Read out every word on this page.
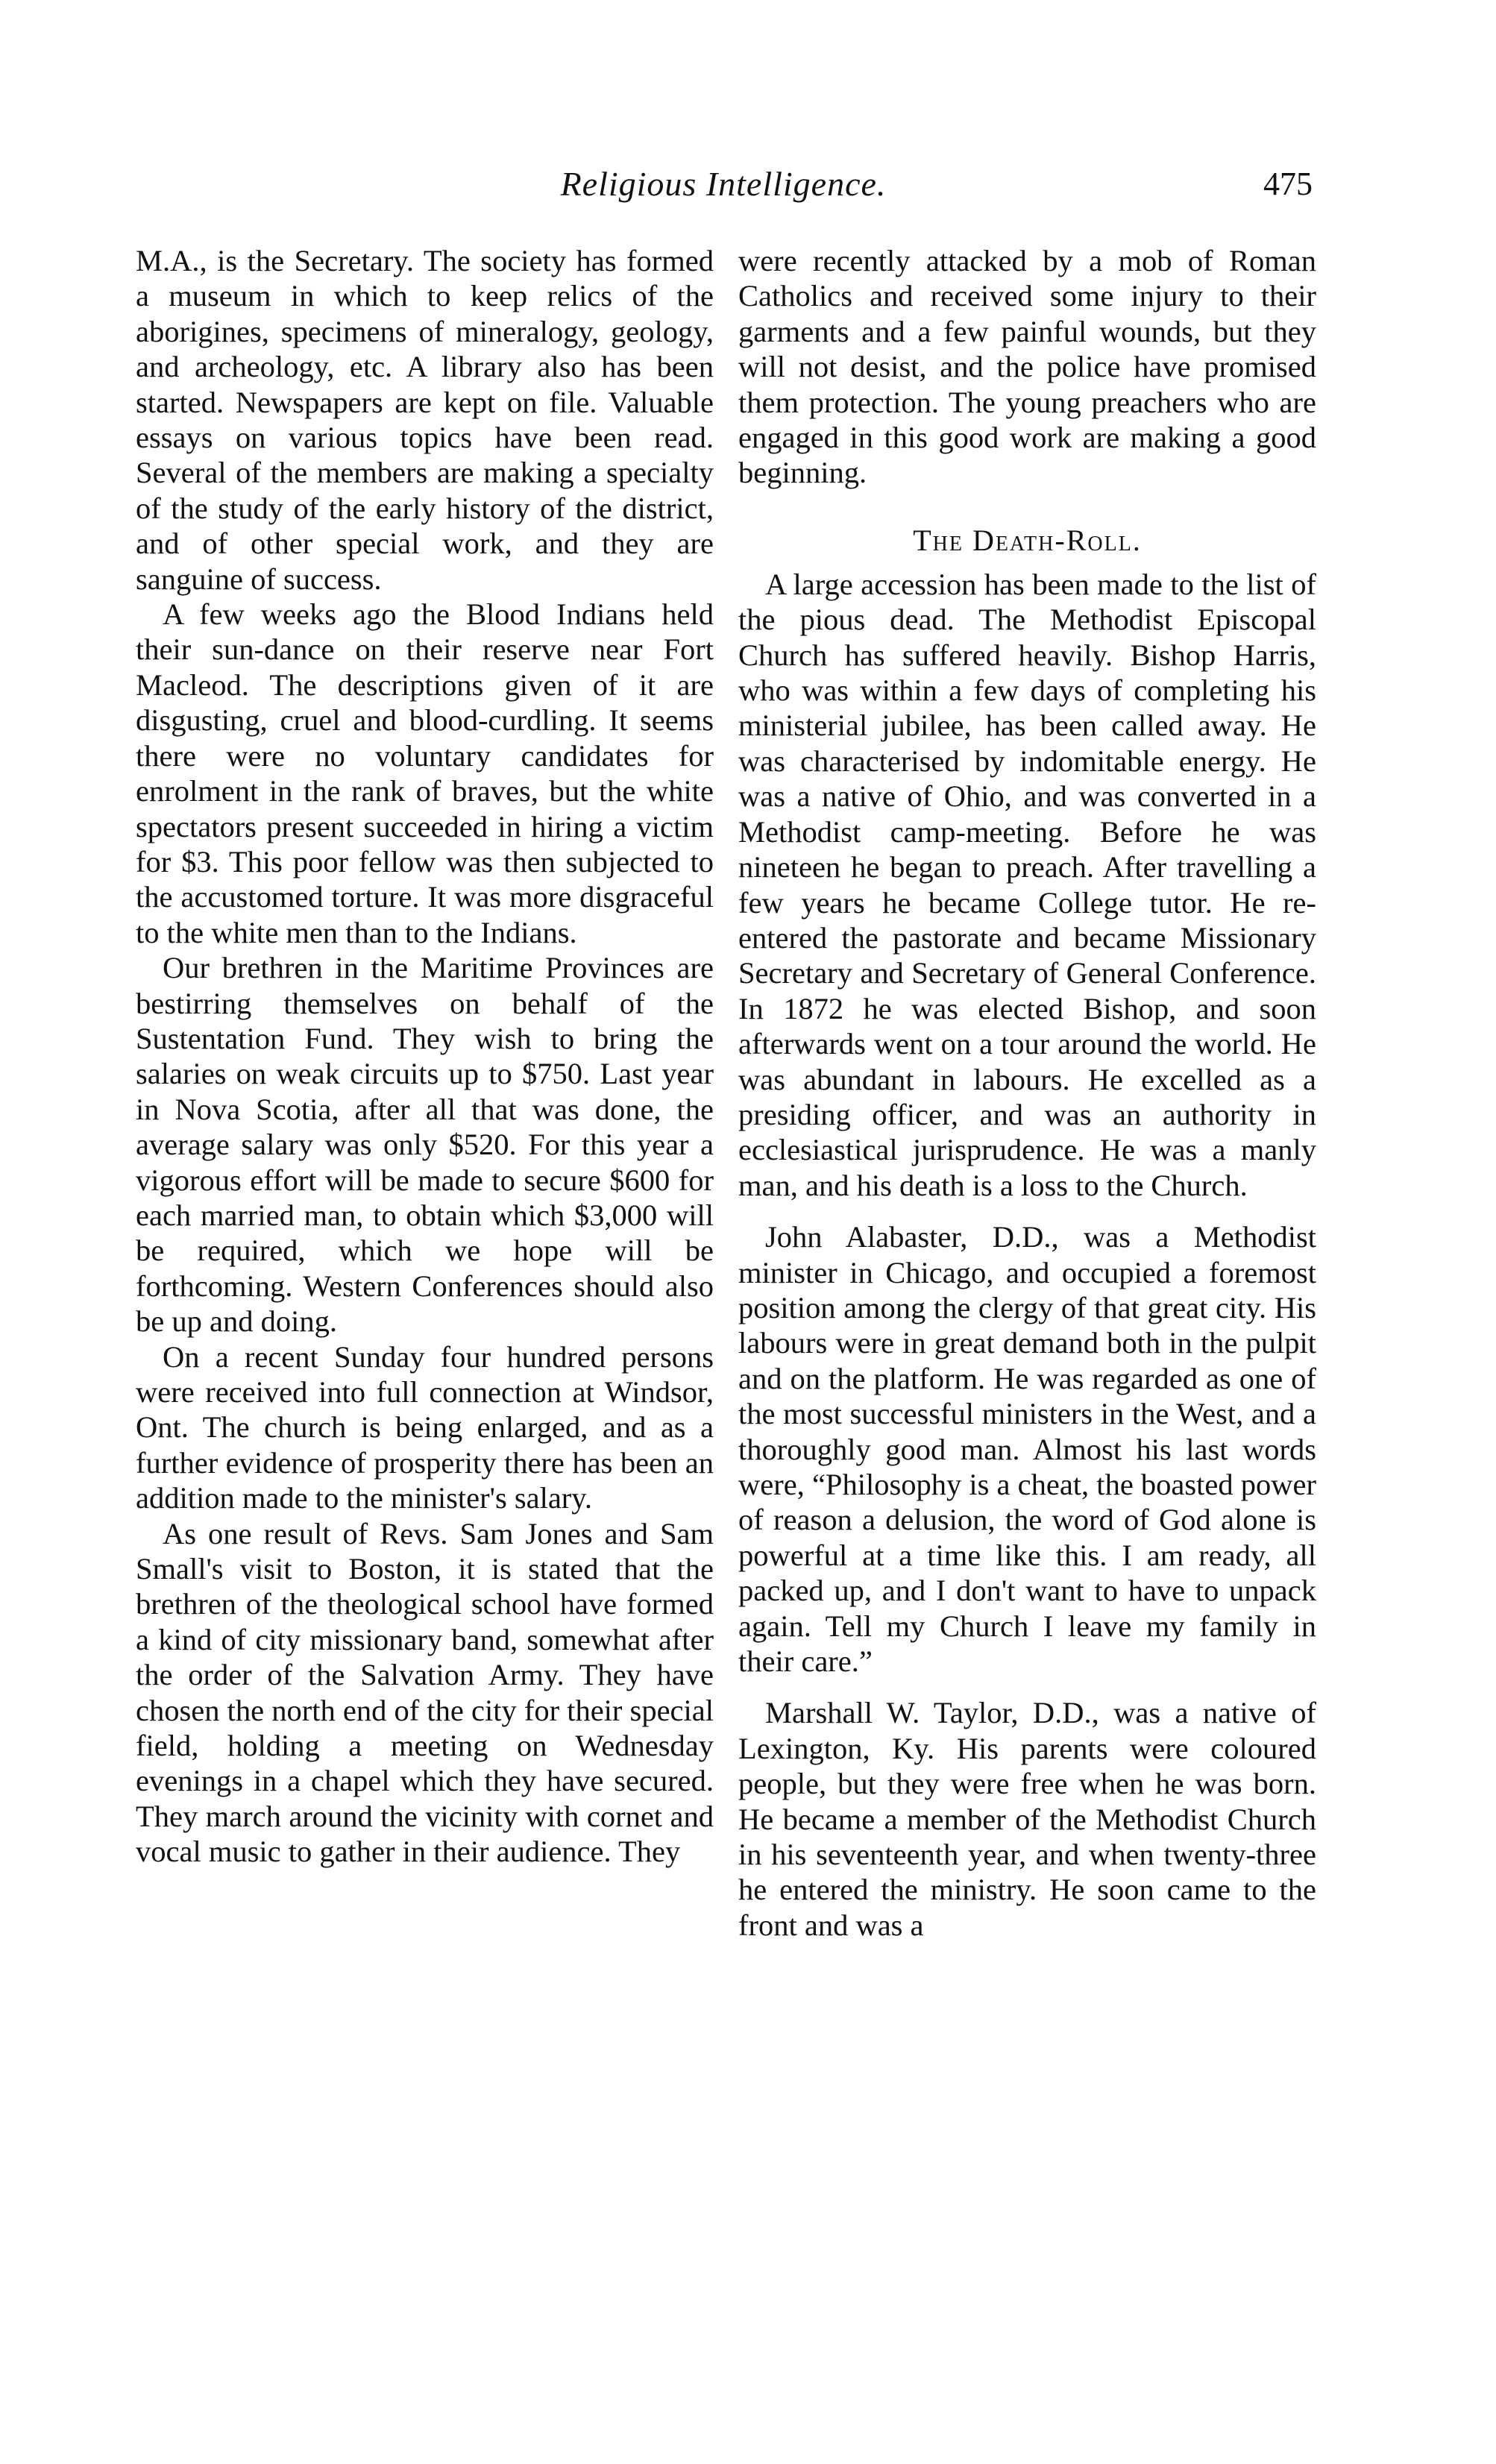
Religious Intelligence.	475

M.A., is the Secretary. The society has formed a museum in which to keep relics of the aborigines, specimens of mineralogy, geology, and archeology, etc. A library also has been started. Newspapers are kept on file. Valuable essays on various topics have been read. Several of the members are making a specialty of the study of the early history of the district, and of other special work, and they are sanguine of success.

A few weeks ago the Blood Indians held their sun-dance on their reserve near Fort Macleod. The descriptions given of it are disgusting, cruel and blood-curdling. It seems there were no voluntary candidates for enrolment in the rank of braves, but the white spectators present succeeded in hiring a victim for $3. This poor fellow was then subjected to the accustomed torture. It was more disgraceful to the white men than to the Indians.

Our brethren in the Maritime Provinces are bestirring themselves on behalf of the Sustentation Fund. They wish to bring the salaries on weak circuits up to $750. Last year in Nova Scotia, after all that was done, the average salary was only $520. For this year a vigorous effort will be made to secure $600 for each married man, to obtain which $3,000 will be required, which we hope will be forthcoming. Western Conferences should also be up and doing.

On a recent Sunday four hundred persons were received into full connection at Windsor, Ont. The church is being enlarged, and as a further evidence of prosperity there has been an addition made to the minister's salary.

As one result of Revs. Sam Jones and Sam Small's visit to Boston, it is stated that the brethren of the theological school have formed a kind of city missionary band, somewhat after the order of the Salvation Army. They have chosen the north end of the city for their special field, holding a meeting on Wednesday evenings in a chapel which they have secured. They march around the vicinity with cornet and vocal music to gather in their audience. They

were recently attacked by a mob of Roman Catholics and received some injury to their garments and a few painful wounds, but they will not desist, and the police have promised them protection. The young preachers who are engaged in this good work are making a good beginning.

The Death-Roll.

A large accession has been made to the list of the pious dead. The Methodist Episcopal Church has suffered heavily. Bishop Harris, who was within a few days of completing his ministerial jubilee, has been called away. He was characterised by indomitable energy. He was a native of Ohio, and was converted in a Methodist camp-meeting. Before he was nineteen he began to preach. After travelling a few years he became College tutor. He re-entered the pastorate and became Missionary Secretary and Secretary of General Conference. In 1872 he was elected Bishop, and soon afterwards went on a tour around the world. He was abundant in labours. He excelled as a presiding officer, and was an authority in ecclesiastical jurisprudence. He was a manly man, and his death is a loss to the Church.

John Alabaster, D.D., was a Methodist minister in Chicago, and occupied a foremost position among the clergy of that great city. His labours were in great demand both in the pulpit and on the platform. He was regarded as one of the most successful ministers in the West, and a thoroughly good man. Almost his last words were, “Philosophy is a cheat, the boasted power of reason a delusion, the word of God alone is powerful at a time like this. I am ready, all packed up, and I don't want to have to unpack again. Tell my Church I leave my family in their care.”

Marshall W. Taylor, D.D., was a native of Lexington, Ky. His parents were coloured people, but they were free when he was born. He became a member of the Methodist Church in his seventeenth year, and when twenty-three he entered the ministry. He soon came to the front and was a
